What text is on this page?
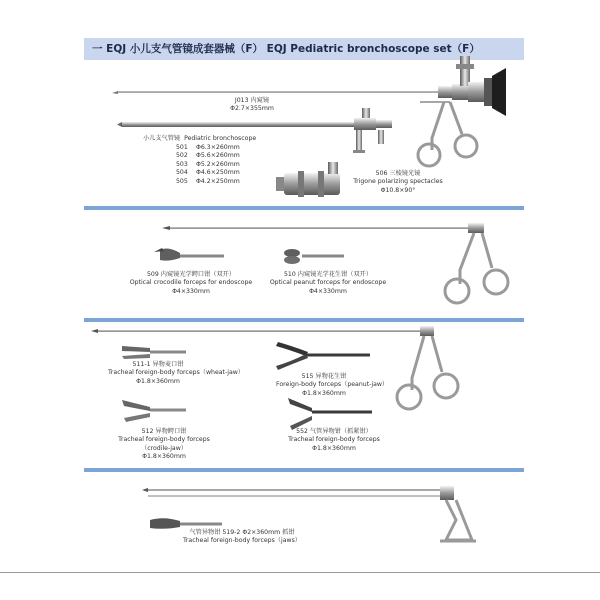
一 EQJ 小儿支气管镜成套器械（F） EQJ Pediatric bronchoscope set（F）
J013 内窥镜
Φ2.7×355mm
小儿支气管镜 Pediatric bronchoscope
501 Φ6.3×260mm
502 Φ5.6×260mm
503 Φ5.2×260mm
504 Φ4.6×250mm
505 Φ4.2×250mm
506 三棱镜光镜
Trigone polarizing spectacles
Φ10.8×90°
509 内窥镜光学鳄口钳（双开）
Optical crocodile forceps for endoscope
Φ4×330mm
510 内窥镜光学花生钳（双开）
Optical peanut forceps for endoscope
Φ4×330mm
511-1 异物麦口钳
Tracheal foreign-body forceps（wheat-jaw）
Φ1.8×360mm
515 异物花生钳
Foreign-body forceps（peanut-jaw）
Φ1.8×360mm
512 异物鳄口钳
Tracheal foreign-body forceps
（crodile-jaw）
Φ1.8×360mm
552 气管异物钳（抓紧钳）
Tracheal foreign-body forceps
Φ1.8×360mm
气管异物钳 519-2 Φ2×360mm 抓钳
Tracheal foreign-body forceps（jaws）
